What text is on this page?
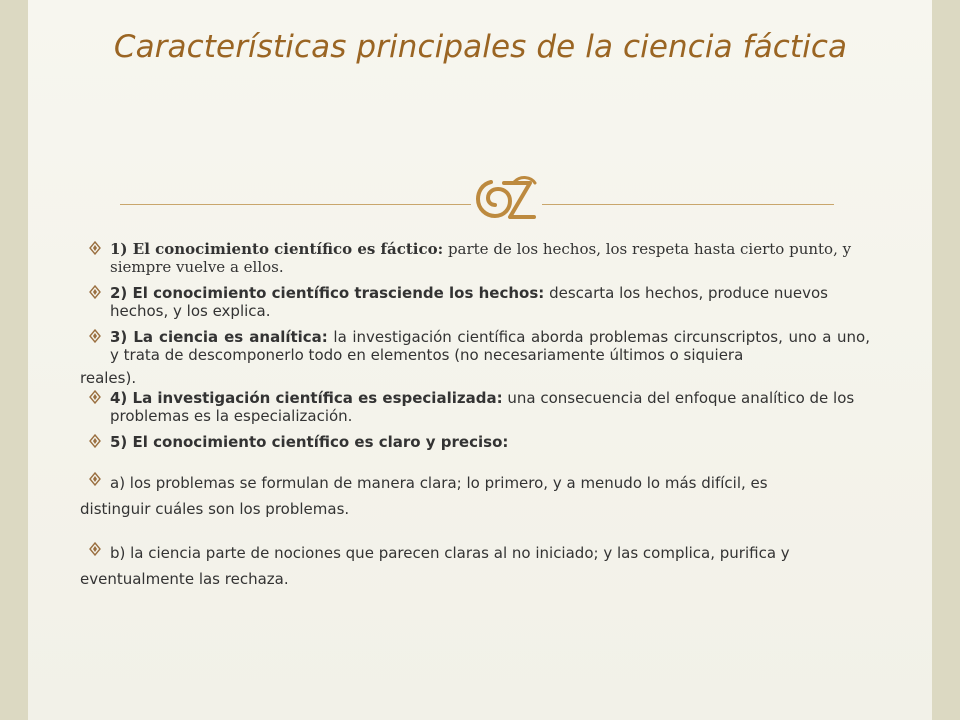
Características principales de la ciencia fáctica
1) El conocimiento científico es fáctico: parte de los hechos, los respeta hasta cierto punto, y siempre vuelve a ellos.
2) El conocimiento científico trasciende los hechos: descarta los hechos, produce nuevos hechos, y los explica.
3) La ciencia es analítica: la investigación científica aborda problemas circunscriptos, uno a uno, y trata de descomponerlo todo en elementos (no necesariamente últimos o siquiera
reales).
4) La investigación científica es especializada: una consecuencia del enfoque analítico de los problemas es la especialización.
5) El conocimiento científico es claro y preciso:
a) los problemas se formulan de manera clara; lo primero, y a menudo lo más difícil, es
distinguir cuáles son los problemas.
b) la ciencia parte de nociones que parecen claras al no iniciado; y las complica, purifica y
eventualmente las rechaza.
